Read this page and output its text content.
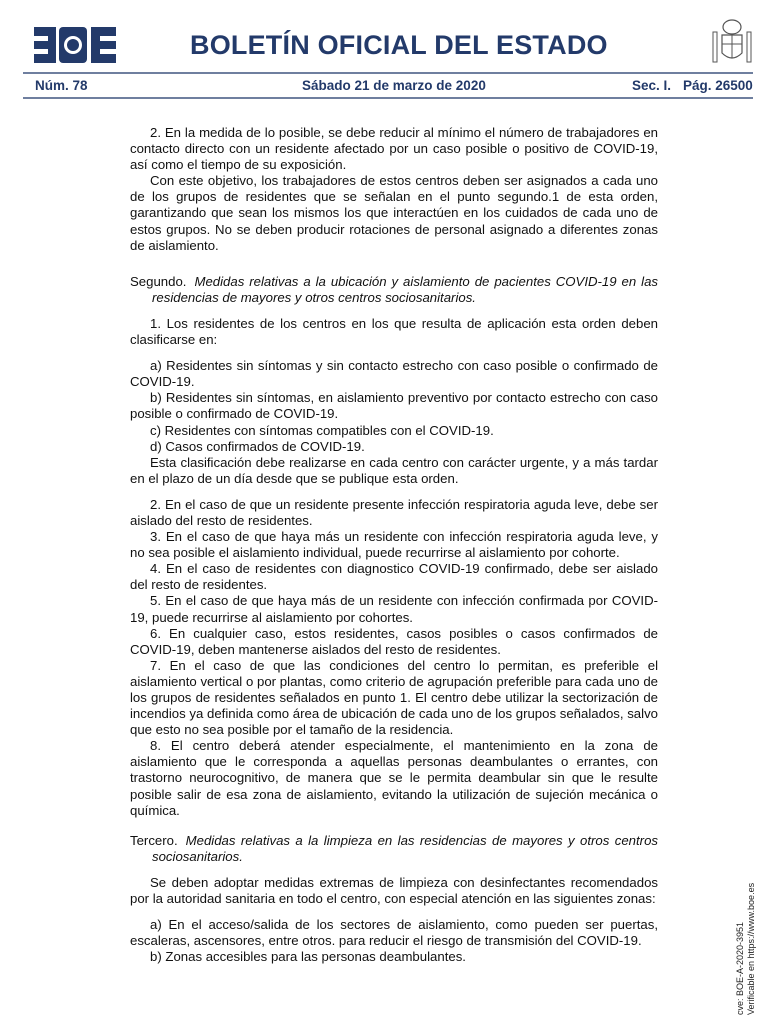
BOLETÍN OFICIAL DEL ESTADO
Núm. 78	Sábado 21 de marzo de 2020	Sec. I. Pág. 26500

2. En la medida de lo posible, se debe reducir al mínimo el número de trabajadores en contacto directo con un residente afectado por un caso posible o positivo de COVID-19, así como el tiempo de su exposición.

Con este objetivo, los trabajadores de estos centros deben ser asignados a cada uno de los grupos de residentes que se señalan en el punto segundo.1 de esta orden, garantizando que sean los mismos los que interactúen en los cuidados de cada uno de estos grupos. No se deben producir rotaciones de personal asignado a diferentes zonas de aislamiento.

Segundo. Medidas relativas a la ubicación y aislamiento de pacientes COVID-19 en las residencias de mayores y otros centros sociosanitarios.

1. Los residentes de los centros en los que resulta de aplicación esta orden deben clasificarse en:

a) Residentes sin síntomas y sin contacto estrecho con caso posible o confirmado de COVID-19.

b) Residentes sin síntomas, en aislamiento preventivo por contacto estrecho con caso posible o confirmado de COVID-19.

c) Residentes con síntomas compatibles con el COVID-19.

d) Casos confirmados de COVID-19.

Esta clasificación debe realizarse en cada centro con carácter urgente, y a más tardar en el plazo de un día desde que se publique esta orden.

2. En el caso de que un residente presente infección respiratoria aguda leve, debe ser aislado del resto de residentes.

3. En el caso de que haya más un residente con infección respiratoria aguda leve, y no sea posible el aislamiento individual, puede recurrirse al aislamiento por cohorte.

4. En el caso de residentes con diagnostico COVID-19 confirmado, debe ser aislado del resto de residentes.

5. En el caso de que haya más de un residente con infección confirmada por COVID-19, puede recurrirse al aislamiento por cohortes.

6. En cualquier caso, estos residentes, casos posibles o casos confirmados de COVID-19, deben mantenerse aislados del resto de residentes.

7. En el caso de que las condiciones del centro lo permitan, es preferible el aislamiento vertical o por plantas, como criterio de agrupación preferible para cada uno de los grupos de residentes señalados en punto 1. El centro debe utilizar la sectorización de incendios ya definida como área de ubicación de cada uno de los grupos señalados, salvo que esto no sea posible por el tamaño de la residencia.

8. El centro deberá atender especialmente, el mantenimiento en la zona de aislamiento que le corresponda a aquellas personas deambulantes o errantes, con trastorno neurocognitivo, de manera que se le permita deambular sin que le resulte posible salir de esa zona de aislamiento, evitando la utilización de sujeción mecánica o química.

Tercero. Medidas relativas a la limpieza en las residencias de mayores y otros centros sociosanitarios.

Se deben adoptar medidas extremas de limpieza con desinfectantes recomendados por la autoridad sanitaria en todo el centro, con especial atención en las siguientes zonas:

a) En el acceso/salida de los sectores de aislamiento, como pueden ser puertas, escaleras, ascensores, entre otros. para reducir el riesgo de transmisión del COVID-19.

b) Zonas accesibles para las personas deambulantes.	cve: BOE-A-2020-3951 Verificable en https://www.boe.es
